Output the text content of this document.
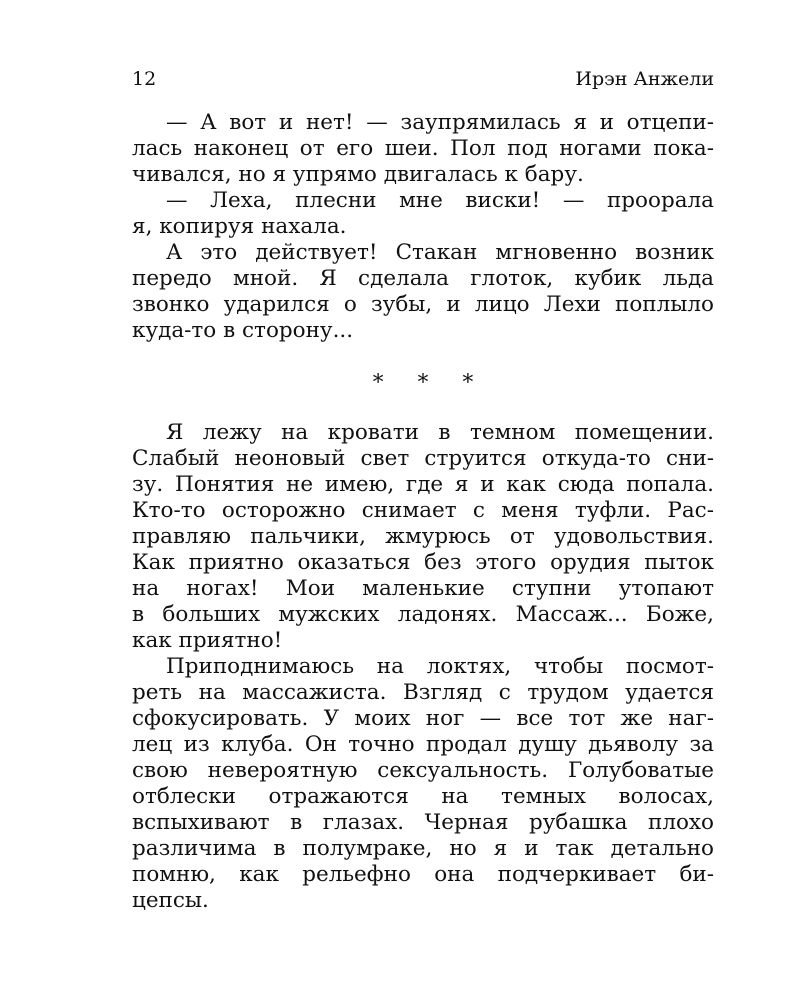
12	Ирэн Анжели
— А вот и нет! — заупрямилась я и отцепи-
лась наконец от его шеи. Пол под ногами пока-
чивался, но я упрямо двигалась к бару.
— Леха, плесни мне виски! — проорала
я, копируя нахала.
А это действует! Стакан мгновенно возник
передо мной. Я сделала глоток, кубик льда
звонко ударился о зубы, и лицо Лехи поплыло
куда-то в сторону...
*     *     *
Я лежу на кровати в темном помещении.
Слабый неоновый свет струится откуда-то сни-
зу. Понятия не имею, где я и как сюда попала.
Кто-то осторожно снимает с меня туфли. Рас-
правляю пальчики, жмурюсь от удовольствия.
Как приятно оказаться без этого орудия пыток
на ногах! Мои маленькие ступни утопают
в больших мужских ладонях. Массаж... Боже,
как приятно!
Приподнимаюсь на локтях, чтобы посмот-
реть на массажиста. Взгляд с трудом удается
сфокусировать. У моих ног — все тот же наг-
лец из клуба. Он точно продал душу дьяволу за
свою невероятную сексуальность. Голубоватые
отблески отражаются на темных волосах,
вспыхивают в глазах. Черная рубашка плохо
различима в полумраке, но я и так детально
помню, как рельефно она подчеркивает би-
цепсы.
